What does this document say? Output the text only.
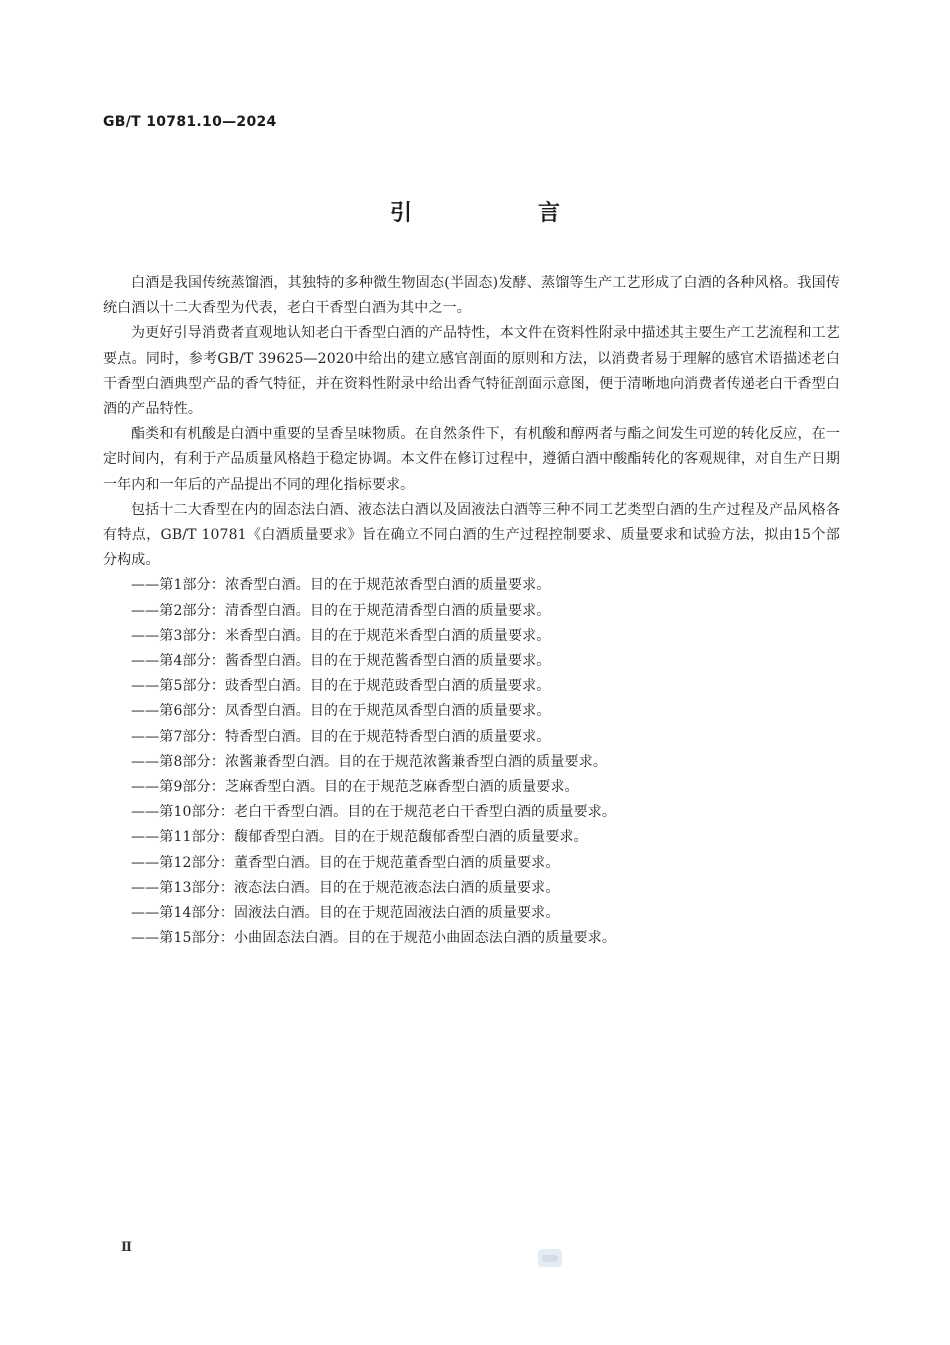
GB/T 10781.10—2024
引　言

白酒是我国传统蒸馏酒，其独特的多种微生物固态(半固态)发酵、蒸馏等生产工艺形成了白酒的各种风格。我国传统白酒以十二大香型为代表，老白干香型白酒为其中之一。

为更好引导消费者直观地认知老白干香型白酒的产品特性，本文件在资料性附录中描述其主要生产工艺流程和工艺要点。同时，参考GB/T 39625—2020中给出的建立感官剖面的原则和方法，以消费者易于理解的感官术语描述老白干香型白酒典型产品的香气特征，并在资料性附录中给出香气特征剖面示意图，便于清晰地向消费者传递老白干香型白酒的产品特性。

酯类和有机酸是白酒中重要的呈香呈味物质。在自然条件下，有机酸和醇两者与酯之间发生可逆的转化反应，在一定时间内，有利于产品质量风格趋于稳定协调。本文件在修订过程中，遵循白酒中酸酯转化的客观规律，对自生产日期一年内和一年后的产品提出不同的理化指标要求。

包括十二大香型在内的固态法白酒、液态法白酒以及固液法白酒等三种不同工艺类型白酒的生产过程及产品风格各有特点，GB/T 10781《白酒质量要求》旨在确立不同白酒的生产过程控制要求、质量要求和试验方法，拟由15个部分构成。

——第1部分：浓香型白酒。目的在于规范浓香型白酒的质量要求。
——第2部分：清香型白酒。目的在于规范清香型白酒的质量要求。
——第3部分：米香型白酒。目的在于规范米香型白酒的质量要求。
——第4部分：酱香型白酒。目的在于规范酱香型白酒的质量要求。
——第5部分：豉香型白酒。目的在于规范豉香型白酒的质量要求。
——第6部分：凤香型白酒。目的在于规范凤香型白酒的质量要求。
——第7部分：特香型白酒。目的在于规范特香型白酒的质量要求。
——第8部分：浓酱兼香型白酒。目的在于规范浓酱兼香型白酒的质量要求。
——第9部分：芝麻香型白酒。目的在于规范芝麻香型白酒的质量要求。
——第10部分：老白干香型白酒。目的在于规范老白干香型白酒的质量要求。
——第11部分：馥郁香型白酒。目的在于规范馥郁香型白酒的质量要求。
——第12部分：董香型白酒。目的在于规范董香型白酒的质量要求。
——第13部分：液态法白酒。目的在于规范液态法白酒的质量要求。
——第14部分：固液法白酒。目的在于规范固液法白酒的质量要求。
——第15部分：小曲固态法白酒。目的在于规范小曲固态法白酒的质量要求。
Ⅱ
